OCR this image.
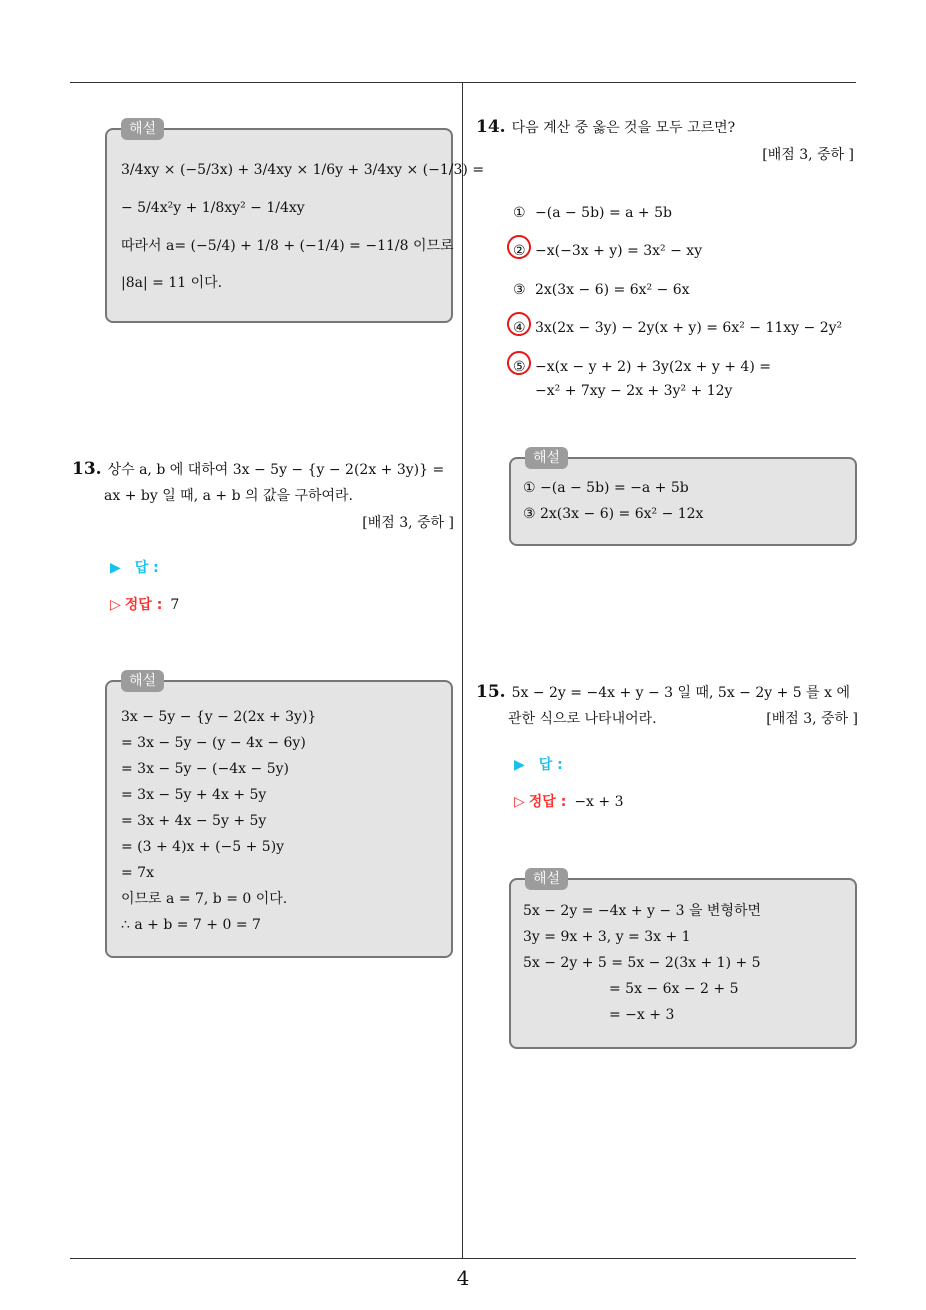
해설
3/4xy × (−5/3x) + 3/4xy × 1/6y + 3/4xy × (−1/3) =
− 5/4x²y + 1/8xy² − 1/4xy
따라서 a= (−5/4) + 1/8 + (−1/4) = −11/8 이므로
|8a| = 11 이다.
13. 상수 a, b 에 대하여 3x − 5y − {y − 2(2x + 3y)} =
ax + by 일 때, a + b 의 값을 구하여라.
[배점 3, 중하 ]
▶ 답 :
▷ 정답 : 7
해설
3x − 5y − {y − 2(2x + 3y)}
= 3x − 5y − (y − 4x − 6y)
= 3x − 5y − (−4x − 5y)
= 3x − 5y + 4x + 5y
= 3x + 4x − 5y + 5y
= (3 + 4)x + (−5 + 5)y
= 7x
이므로 a = 7, b = 0 이다.
∴ a + b = 7 + 0 = 7
14. 다음 계산 중 옳은 것을 모두 고르면?
[배점 3, 중하 ]
① −(a − 5b) = a + 5b
② −x(−3x + y) = 3x² − xy
③ 2x(3x − 6) = 6x² − 6x
④ 3x(2x − 3y) − 2y(x + y) = 6x² − 11xy − 2y²
⑤ −x(x − y + 2) + 3y(2x + y + 4) =
−x² + 7xy − 2x + 3y² + 12y
해설
① −(a − 5b) = −a + 5b
③ 2x(3x − 6) = 6x² − 12x
15. 5x − 2y = −4x + y − 3 일 때, 5x − 2y + 5 를 x 에
관한 식으로 나타내어라.	[배점 3, 중하 ]
▶ 답 :
▷ 정답 : −x + 3
해설
5x − 2y = −4x + y − 3 을 변형하면
3y = 9x + 3, y = 3x + 1
5x − 2y + 5 = 5x − 2(3x + 1) + 5
= 5x − 6x − 2 + 5
= −x + 3
4
